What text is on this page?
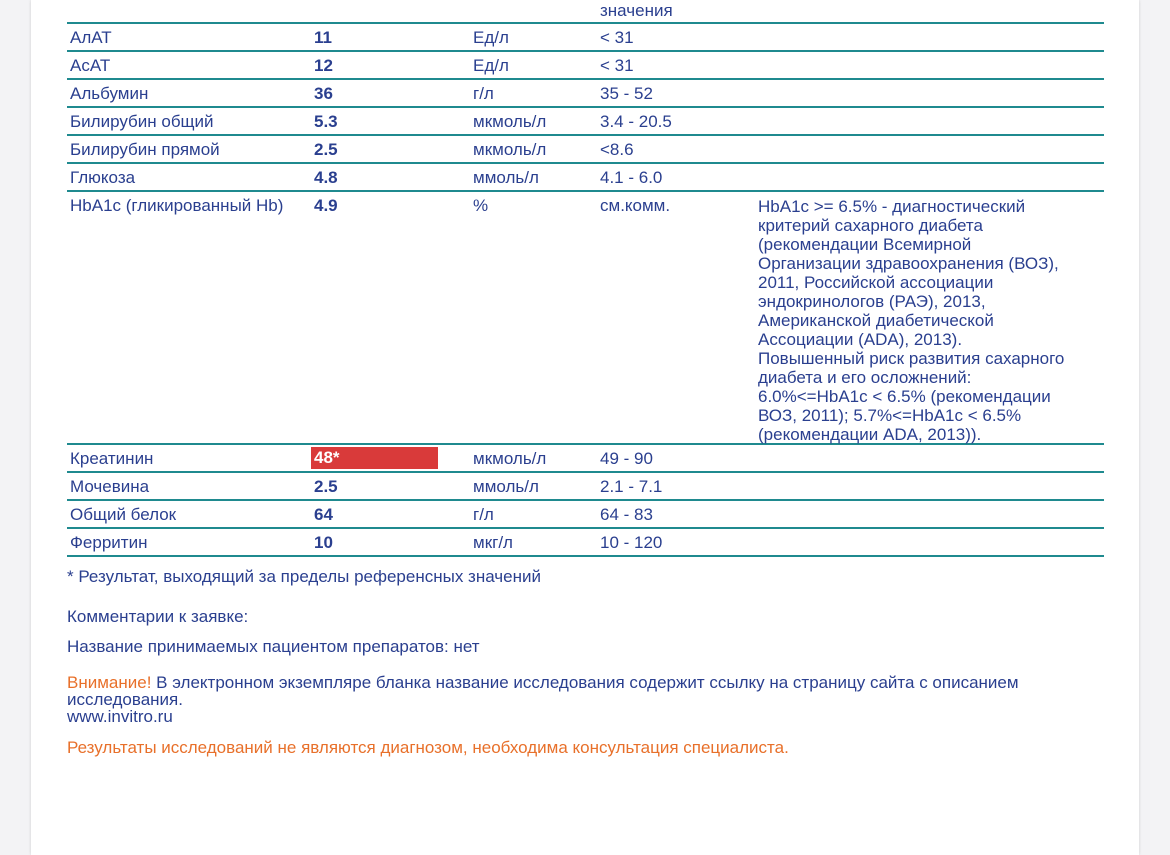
значения
АлАТ	11	Ед/л	< 31
АсАТ	12	Ед/л	< 31
Альбумин	36	г/л	35 - 52
Билирубин общий	5.3	мкмоль/л	3.4 - 20.5
Билирубин прямой	2.5	мкмоль/л	<8.6
Глюкоза	4.8	ммоль/л	4.1 - 6.0
HbA1c (гликированный Hb) 4.9	%	см.комм.	HbA1c >= 6.5% - диагностический
критерий сахарного диабета
(рекомендации Всемирной
Организации здравоохранения (ВОЗ),
2011, Российской ассоциации
эндокринологов (РАЭ), 2013,
Американской диабетической
Ассоциации (ADA), 2013).
Повышенный риск развития сахарного
диабета и его осложнений:
6.0%<=HbA1c < 6.5% (рекомендации
ВОЗ, 2011); 5.7%<=HbA1c < 6.5%
(рекомендации ADA, 2013)).
Креатинин	48*	мкмоль/л	49 - 90
Мочевина	2.5	ммоль/л	2.1 - 7.1
Общий белок	64	г/л	64 - 83
Ферритин	10	мкг/л	10 - 120
* Результат, выходящий за пределы референсных значений
Комментарии к заявке:
Название принимаемых пациентом препаратов: нет
Внимание! В электронном экземпляре бланка название исследования содержит ссылку на страницу сайта с описанием исследования.
www.invitro.ru
Результаты исследований не являются диагнозом, необходима консультация специалиста.
